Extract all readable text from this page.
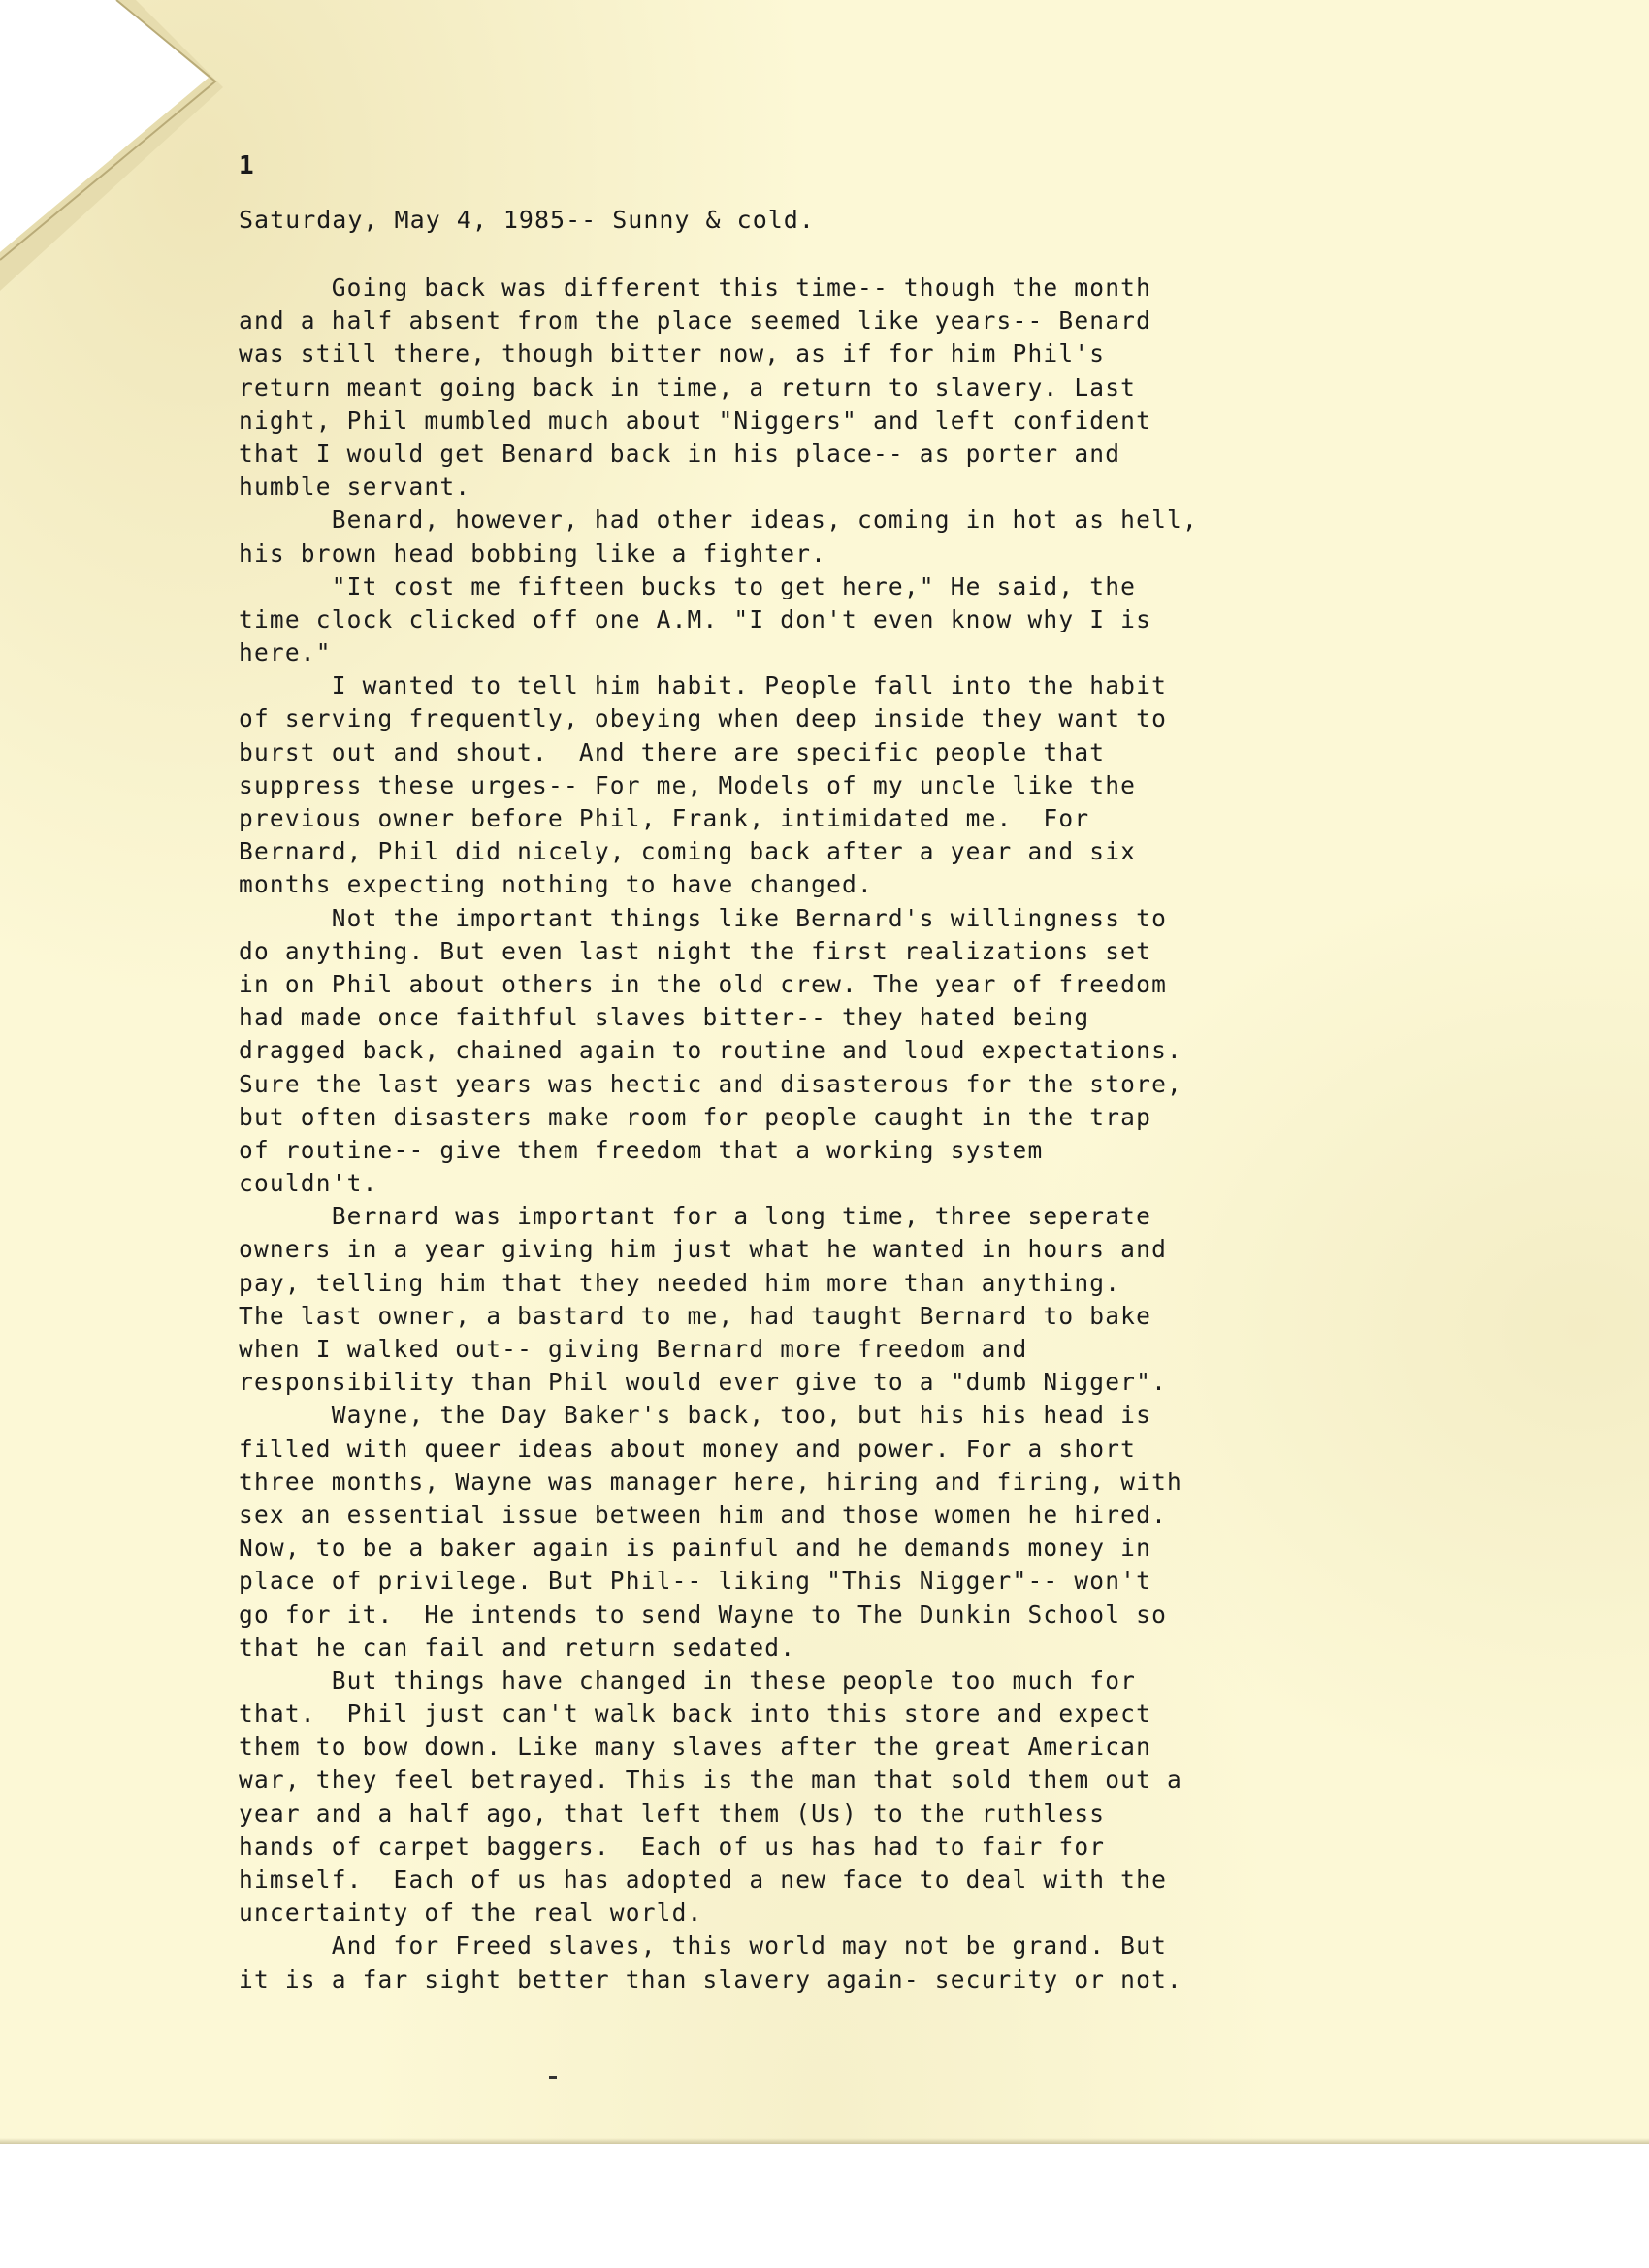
1
Saturday, May 4, 1985-- Sunny & cold.
Going back was different this time-- though the month
and a half absent from the place seemed like years-- Benard
was still there, though bitter now, as if for him Phil's
return meant going back in time, a return to slavery. Last
night, Phil mumbled much about "Niggers" and left confident
that I would get Benard back in his place-- as porter and
humble servant.
Benard, however, had other ideas, coming in hot as hell,
his brown head bobbing like a fighter.
"It cost me fifteen bucks to get here," He said, the
time clock clicked off one A.M. "I don't even know why I is
here."
I wanted to tell him habit. People fall into the habit
of serving frequently, obeying when deep inside they want to
burst out and shout.  And there are specific people that
suppress these urges-- For me, Models of my uncle like the
previous owner before Phil, Frank, intimidated me.  For
Bernard, Phil did nicely, coming back after a year and six
months expecting nothing to have changed.
Not the important things like Bernard's willingness to
do anything. But even last night the first realizations set
in on Phil about others in the old crew. The year of freedom
had made once faithful slaves bitter-- they hated being
dragged back, chained again to routine and loud expectations.
Sure the last years was hectic and disasterous for the store,
but often disasters make room for people caught in the trap
of routine-- give them freedom that a working system
couldn't.
Bernard was important for a long time, three seperate
owners in a year giving him just what he wanted in hours and
pay, telling him that they needed him more than anything.
The last owner, a bastard to me, had taught Bernard to bake
when I walked out-- giving Bernard more freedom and
responsibility than Phil would ever give to a "dumb Nigger".
Wayne, the Day Baker's back, too, but his his head is
filled with queer ideas about money and power. For a short
three months, Wayne was manager here, hiring and firing, with
sex an essential issue between him and those women he hired.
Now, to be a baker again is painful and he demands money in
place of privilege. But Phil-- liking "This Nigger"-- won't
go for it.  He intends to send Wayne to The Dunkin School so
that he can fail and return sedated.
But things have changed in these people too much for
that.  Phil just can't walk back into this store and expect
them to bow down. Like many slaves after the great American
war, they feel betrayed. This is the man that sold them out a
year and a half ago, that left them (Us) to the ruthless
hands of carpet baggers.  Each of us has had to fair for
himself.  Each of us has adopted a new face to deal with the
uncertainty of the real world.
And for Freed slaves, this world may not be grand. But
it is a far sight better than slavery again- security or not.
